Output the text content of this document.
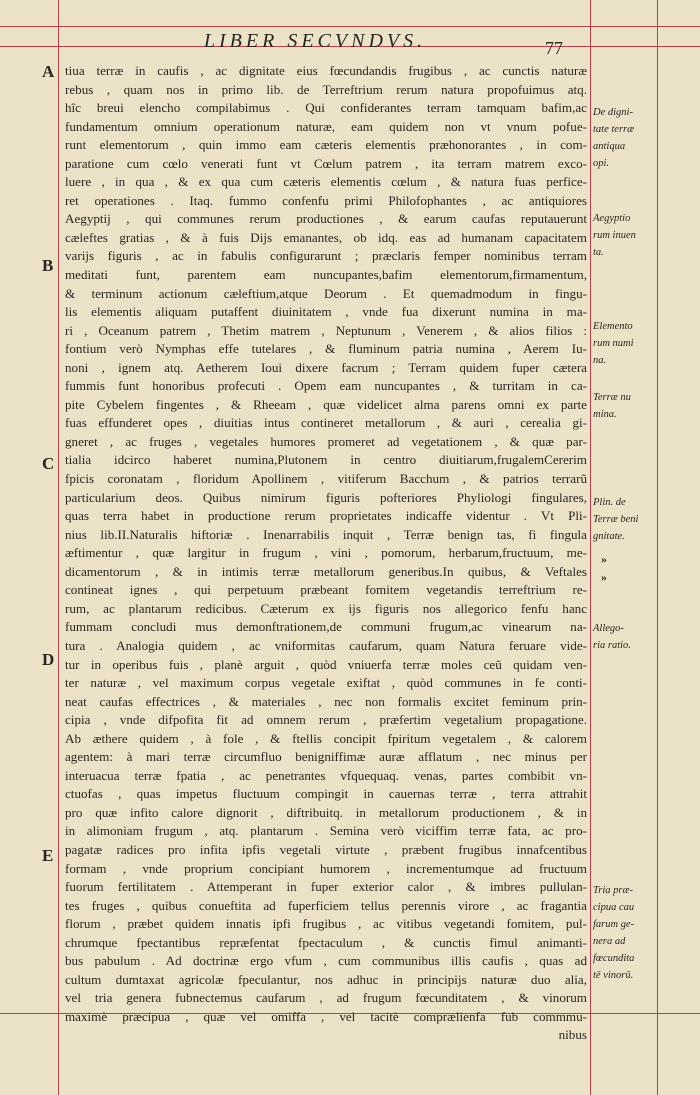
LIBER SECVNDVS.	77
A
B
C
D
E
tiua terræ in caufis , ac dignitate eius fœcundandis frugibus , ac cunctis naturæ
rebus , quam nos in primo lib. de Terreftrium rerum natura propofuimus atq.
hîc breui elencho compilabimus . Qui confiderantes terram tamquam bafim,ac
fundamentum omnium operationum naturæ, eam quidem non vt vnum pofue-
runt elementorum , quin immo eam cæteris elementis præhonorantes , in com-
paratione cum cœlo venerati funt vt Cœlum patrem , ita terram matrem exco-
luere , in qua , & ex qua cum cæteris elementis cœlum , & natura fuas perfice-
ret operationes . Itaq. fummo confenfu primi Philofophantes , ac antiquiores
Aegyptij , qui communes rerum productiones , & earum caufas reputauerunt
cæleftes gratias , & à fuis Dijs emanantes, ob idq. eas ad humanam capacitatem
varijs figuris , ac in fabulis configurarunt ; præclaris femper nominibus terram
meditati funt, parentem eam nuncupantes,bafim elementorum,firmamentum,
& terminum actionum cæleftium,atque Deorum . Et quemadmodum in fingu-
lis elementis aliquam putaffent diuinitatem , vnde fua dixerunt numina in ma-
ri , Oceanum patrem , Thetim matrem , Neptunum , Venerem , & alios filios :
fontium verò Nymphas effe tutelares , & fluminum patria numina , Aerem Iu-
noni , ignem atq. Aetherem Ioui dixere facrum ; Terram quidem fuper cætera
fummis funt honoribus profecuti . Opem eam nuncupantes , & turritam in ca-
pite Cybelem fingentes , & Rheeam , quæ videlicet alma parens omni ex parte
fuas effunderet opes , diuitias intus contineret metallorum , & auri , cerealia gi-
gneret , ac fruges , vegetales humores promeret ad vegetationem , & quæ par-
tialia idcirco haberet numina,Plutonem in centro diuitiarum,frugalemCererim
fpicis coronatam , floridum Apollinem , vitiferum Bacchum , & patrios terrarũ
particularium deos. Quibus nimirum figuris pofteriores Phyliologi fingulares,
quas terra habet in productione rerum proprietates indicaffe videntur . Vt Pli-
nius lib.II.Naturalis hiftoriæ . Inenarrabilis inquit , Terræ benign tas, fi fingula
æftimentur , quæ largitur in frugum , vini , pomorum, herbarum,fructuum, me-
dicamentorum , & in intimis terræ metallorum generibus.In quibus, & Veftales
contineat ignes , qui perpetuum præbeant fomitem vegetandis terreftrium re-
rum, ac plantarum redicibus. Cæterum ex ijs figuris nos allegorico fenfu hanc
fummam concludi mus demonftrationem,de communi frugum,ac vinearum na-
tura . Analogia quidem , ac vniformitas caufarum, quam Natura feruare vide-
tur in operibus fuis , planè arguit , quòd vniuerfa terræ moles ceũ quidam ven-
ter naturæ , vel maximum corpus vegetale exiftat , quòd communes in fe conti-
neat caufas effectrices , & materiales , nec non formalis excitet feminum prin-
cipia , vnde difpofita fit ad omnem rerum , præfertim vegetalium propagatione.
Ab æthere quidem , à fole , & ftellis concipit fpiritum vegetalem , & calorem
agentem: à mari terræ circumfluo benigniffimæ auræ afflatum , nec minus per
interuacua terræ fpatia , ac penetrantes vfquequaq. venas, partes combibit vn-
ctuofas , quas impetus fluctuum compingit in cauernas terræ , terra attrahit
pro quæ infito calore dignorit , diftribuitq. in metallorum productionem , & in
in alimoniam frugum , atq. plantarum . Semina verò viciffim terræ fata, ac pro-
pagatæ radices pro infita ipfis vegetali virtute , præbent frugibus innafcentibus
formam , vnde proprium concipiant humorem , incrementumque ad fructuum
fuorum fertilitatem . Attemperant in fuper exterior calor , & imbres pullulan-
tes fruges , quibus conueftita ad fuperficiem tellus perennis virore , ac fragantia
florum , præbet quidem innatis ipfi frugibus , ac vitibus vegetandi fomitem, pul-
chrumque fpectantibus repræfentat fpectaculum , & cunctis fimul animanti-
bus pabulum . Ad doctrinæ ergo vfum , cum communibus illis caufis , quas ad
cultum dumtaxat agricolæ fpeculantur, nos adhuc in principijs naturæ duo alia,
vel tria genera fubnectemus caufarum , ad frugum fœcunditatem , & vinorum
maximè præcipua , quæ vel omiffa , vel tacitè comprælienfa fub commmu-
nibus
De digni-
tate terræ
antiqua
opi.
Aegyptio
rum inuen
ta.
Elemento
rum numi
na.
Terræ nu
mina.
Plin. de
Terræ beni
gnitate.
»
»
Allego-
ria ratio.
Tria præ-
cipua cau
farum ge-
nera ad
fœcundita
tē vinorū.
